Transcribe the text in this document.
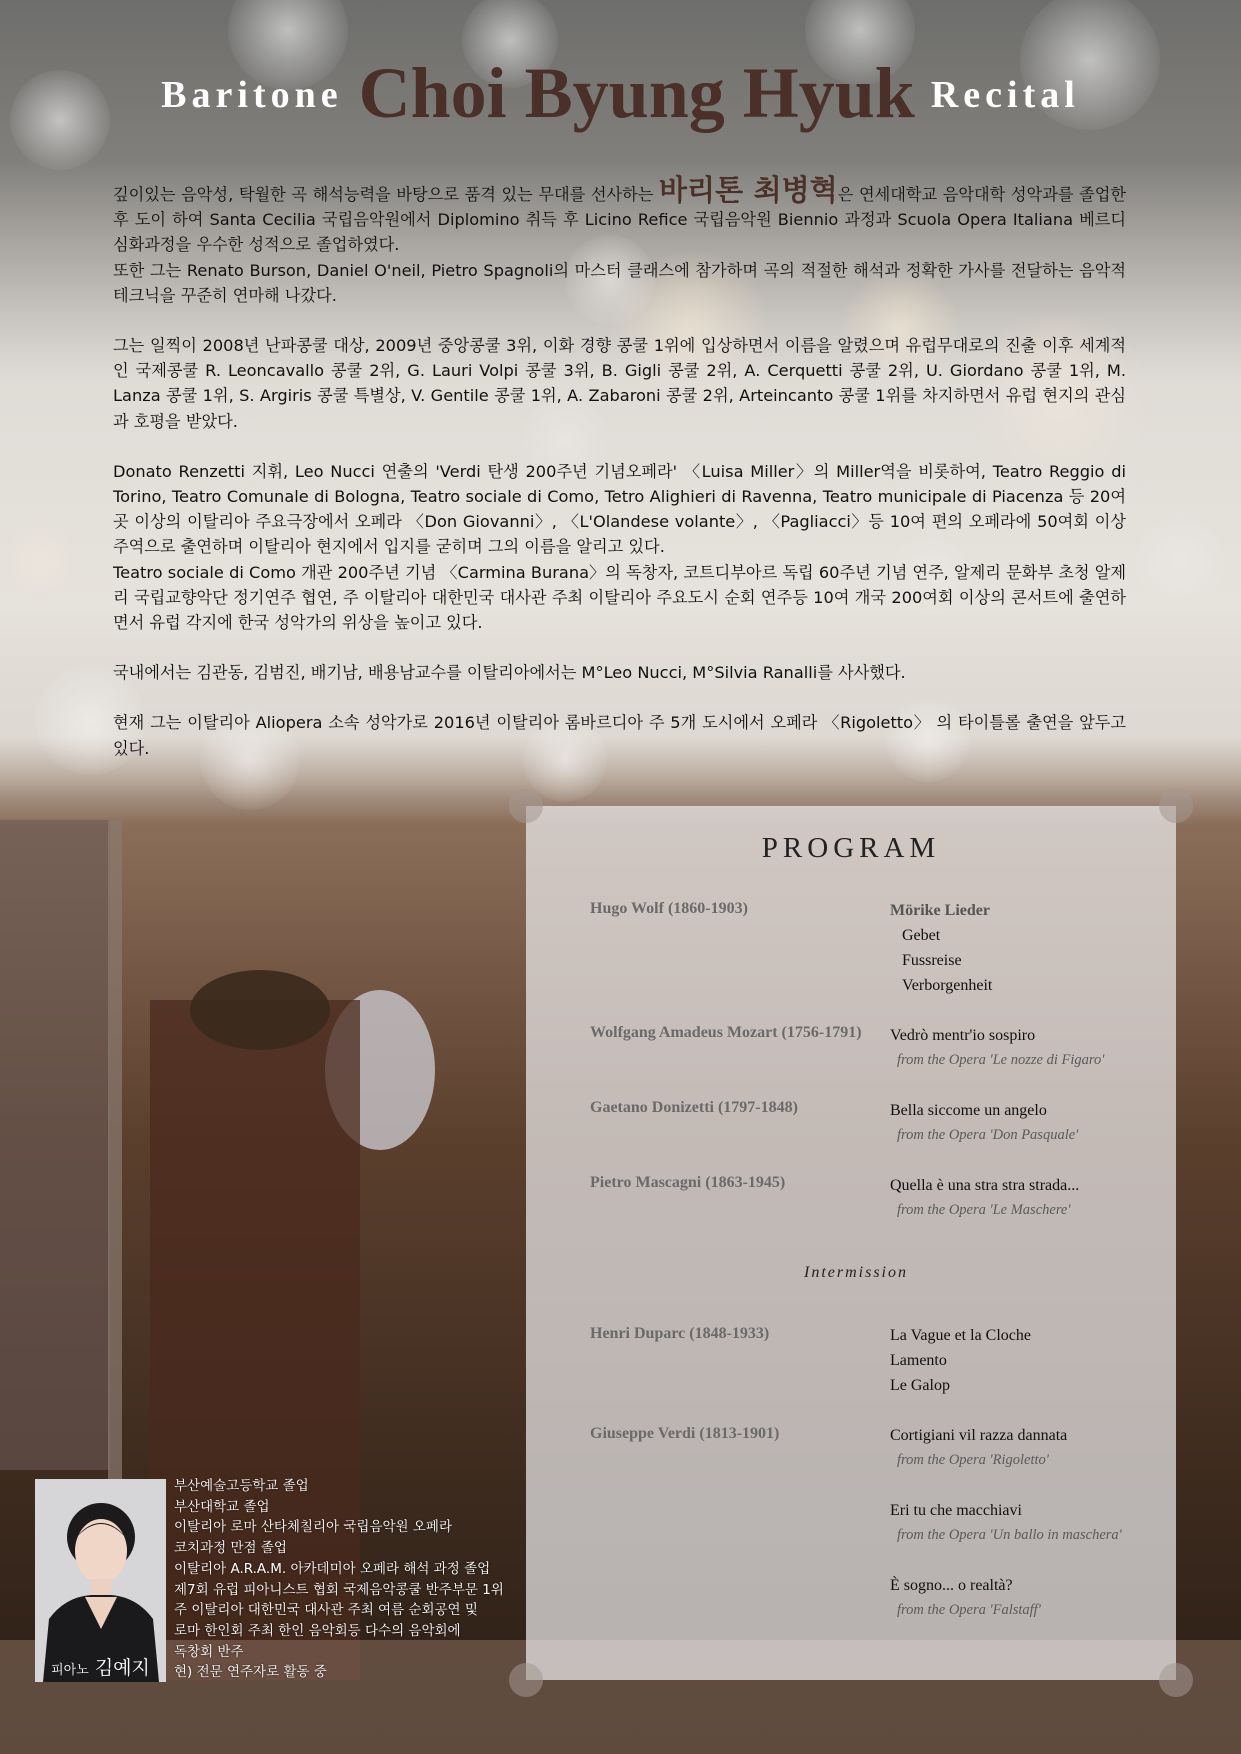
Baritone Choi Byung Hyuk Recital

깊이있는 음악성, 탁월한 곡 해석능력을 바탕으로 품격 있는 무대를 선사하는 바리톤 최병혁은 연세대학교 음악대학 성악과를 졸업한 후 도이 하여 Santa Cecilia 국립음악원에서 Diplomino 취득 후 Licino Refice 국립음악원 Biennio 과정과 Scuola Opera Italiana 베르디 심화과정을 우수한 성적으로 졸업하였다.

또한 그는 Renato Burson, Daniel O'neil, Pietro Spagnoli의 마스터 클래스에 참가하며 곡의 적절한 해석과 정확한 가사를 전달하는 음악적 테크닉을 꾸준히 연마해 나갔다.

그는 일찍이 2008년 난파콩쿨 대상, 2009년 중앙콩쿨 3위, 이화 경향 콩쿨 1위에 입상하면서 이름을 알렸으며 유럽무대로의 진출 이후 세계적인 국제콩쿨 R. Leoncavallo 콩쿨 2위, G. Lauri Volpi 콩쿨 3위, B. Gigli 콩쿨 2위, A. Cerquetti 콩쿨 2위, U. Giordano 콩쿨 1위, M. Lanza 콩쿨 1위, S. Argiris 콩쿨 특별상, V. Gentile 콩쿨 1위, A. Zabaroni 콩쿨 2위, Arteincanto 콩쿨 1위를 차지하면서 유럽 현지의 관심과 호평을 받았다.

Donato Renzetti 지휘, Leo Nucci 연출의 'Verdi 탄생 200주년 기념오페라' 〈Luisa Miller〉의 Miller역을 비롯하여, Teatro Reggio di Torino, Teatro Comunale di Bologna, Teatro sociale di Como, Tetro Alighieri di Ravenna, Teatro municipale di Piacenza 등 20여곳 이상의 이탈리아 주요극장에서 오페라 〈Don Giovanni〉, 〈L'Olandese volante〉, 〈Pagliacci〉등 10여 편의 오페라에 50여회 이상 주역으로 출연하며 이탈리아 현지에서 입지를 굳히며 그의 이름을 알리고 있다.

Teatro sociale di Como 개관 200주년 기념 〈Carmina Burana〉의 독창자, 코트디부아르 독립 60주년 기념 연주, 알제리 문화부 초청 알제리 국립교향악단 정기연주 협연, 주 이탈리아 대한민국 대사관 주최 이탈리아 주요도시 순회 연주등 10여 개국 200여회 이상의 콘서트에 출연하면서 유럽 각지에 한국 성악가의 위상을 높이고 있다.

국내에서는 김관동, 김범진, 배기남, 배용남교수를 이탈리아에서는 M°Leo Nucci, M°Silvia Ranalli를 사사했다.

현재 그는 이탈리아 Aliopera 소속 성악가로 2016년 이탈리아 롬바르디아 주 5개 도시에서 오페라 〈Rigoletto〉 의 타이틀롤 출연을 앞두고 있다.

PROGRAM
Hugo Wolf (1860-1903)	Mörike Lieder
Gebet
Fussreise
Verborgenheit
Wolfgang Amadeus Mozart (1756-1791)	Vedrò mentr'io sospiro
from the Opera 'Le nozze di Figaro'
Gaetano Donizetti (1797-1848)	Bella siccome un angelo
from the Opera 'Don Pasquale'
Pietro Mascagni (1863-1945)	Quella è una stra stra strada...
from the Opera 'Le Maschere'
Intermission
Henri Duparc (1848-1933)	La Vague et la Cloche
Lamento
Le Galop
Giuseppe Verdi (1813-1901)	Cortigiani vil razza dannata
from the Opera 'Rigoletto'
Eri tu che macchiavi
from the Opera 'Un ballo in maschera'
È sogno... o realtà?
from the Opera 'Falstaff'
피아노 김예지
부산예술고등학교 졸업
부산대학교 졸업
이탈리아 로마 산타체칠리아 국립음악원 오페라
코치과정 만점 졸업
이탈리아 A.R.A.M. 아카데미아 오페라 해석 과정 졸업
제7회 유럽 피아니스트 협회 국제음악콩쿨 반주부문 1위
주 이탈리아 대한민국 대사관 주최 여름 순회공연 및
로마 한인회 주최 한인 음악회등 다수의 음악회에
독창회 반주
현) 전문 연주자로 활동 중
